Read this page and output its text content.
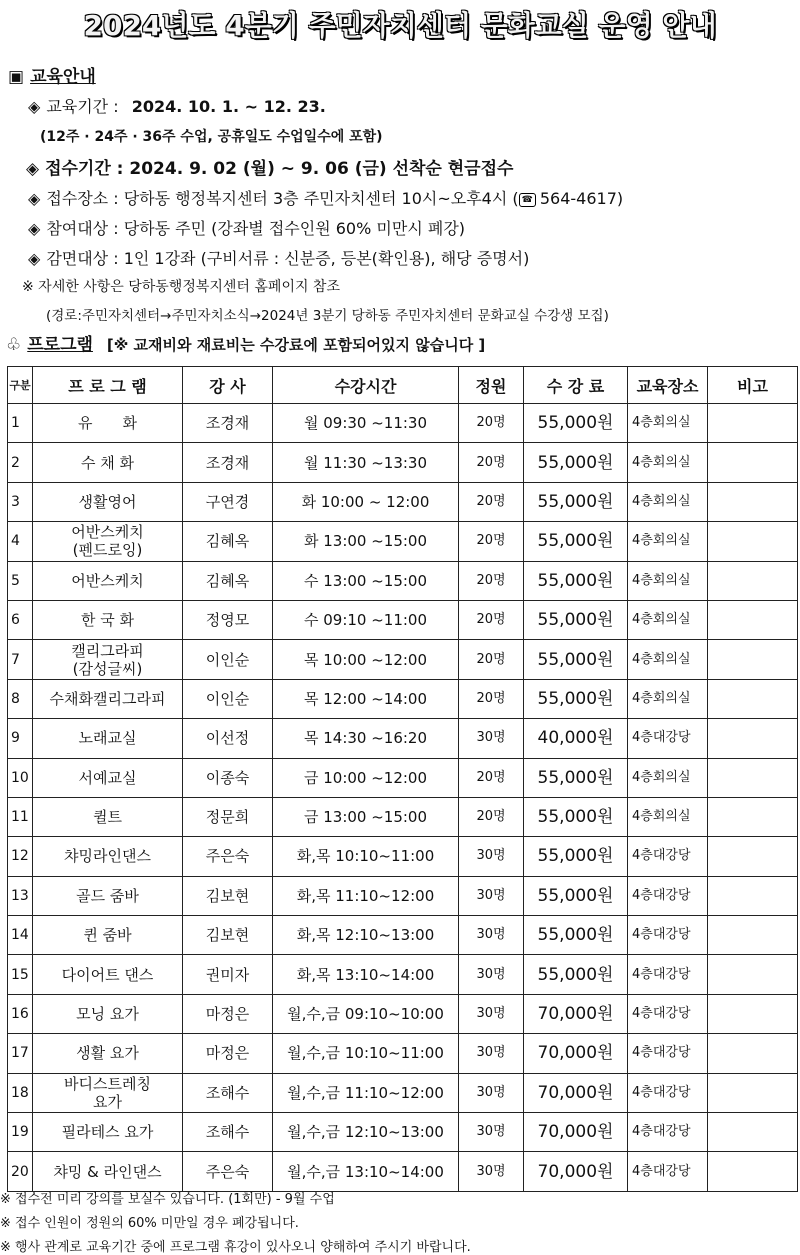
2024년도 4분기 주민자치센터 문화교실 운영 안내
▣ 교육안내
◈ 교육기간 : 2024. 10. 1. ~ 12. 23.
(12주 · 24주 · 36주 수업, 공휴일도 수업일수에 포함)
◈ 접수기간 : 2024. 9. 02 (월) ~ 9. 06 (금) 선착순 현금접수
◈ 접수장소 : 당하동 행정복지센터 3층 주민자치센터 10시~오후4시 ( ☎ 564-4617)
◈ 참여대상 : 당하동 주민 (강좌별 접수인원 60% 미만시 폐강)
◈ 감면대상 : 1인 1강좌 (구비서류 : 신분증, 등본(확인용), 해당 증명서)
※ 자세한 사항은 당하동행정복지센터 홈페이지 참조
(경로:주민자치센터→주민자치소식→2024년 3분기 당하동 주민자치센터 문화교실 수강생 모집)
♧ 프로그램 [※ 교재비와 재료비는 수강료에 포함되어있지 않습니다 ]
구분	프 로 그 램	강 사	수강시간	정원	수 강 료	교육장소	비고
1	유　　화	조경재	월 09:30 ~11:30	20명	55,000원	4층회의실	
2	수 채 화	조경재	월 11:30 ~13:30	20명	55,000원	4층회의실	
3	생활영어	구연경	화 10:00 ~ 12:00	20명	55,000원	4층회의실	
4	어반스케치
(펜드로잉)	김혜옥	화 13:00 ~15:00	20명	55,000원	4층회의실	
5	어반스케치	김혜옥	수 13:00 ~15:00	20명	55,000원	4층회의실	
6	한 국 화	정영모	수 09:10 ~11:00	20명	55,000원	4층회의실	
7	캘리그라피
(감성글씨)	이인순	목 10:00 ~12:00	20명	55,000원	4층회의실	
8	수채화캘리그라피	이인순	목 12:00 ~14:00	20명	55,000원	4층회의실	
9	노래교실	이선정	목 14:30 ~16:20	30명	40,000원	4층대강당	
10	서예교실	이종숙	금 10:00 ~12:00	20명	55,000원	4층회의실	
11	퀼트	정문희	금 13:00 ~15:00	20명	55,000원	4층회의실	
12	챠밍라인댄스	주은숙	화,목 10:10~11:00	30명	55,000원	4층대강당	
13	골드 줌바	김보현	화,목 11:10~12:00	30명	55,000원	4층대강당	
14	퀸 줌바	김보현	화,목 12:10~13:00	30명	55,000원	4층대강당	
15	다이어트 댄스	권미자	화,목 13:10~14:00	30명	55,000원	4층대강당	
16	모닝 요가	마정은	월,수,금 09:10~10:00	30명	70,000원	4층대강당	
17	생활 요가	마정은	월,수,금 10:10~11:00	30명	70,000원	4층대강당	
18	바디스트레칭
요가	조해수	월,수,금 11:10~12:00	30명	70,000원	4층대강당	
19	필라테스 요가	조해수	월,수,금 12:10~13:00	30명	70,000원	4층대강당	
20	챠밍 & 라인댄스	주은숙	월,수,금 13:10~14:00	30명	70,000원	4층대강당	
※ 접수전 미리 강의를 보실수 있습니다. (1회만) - 9월 수업
※ 접수 인원이 정원의 60% 미만일 경우 폐강됩니다.
※ 행사 관계로 교육기간 중에 프로그램 휴강이 있사오니 양해하여 주시기 바랍니다.
